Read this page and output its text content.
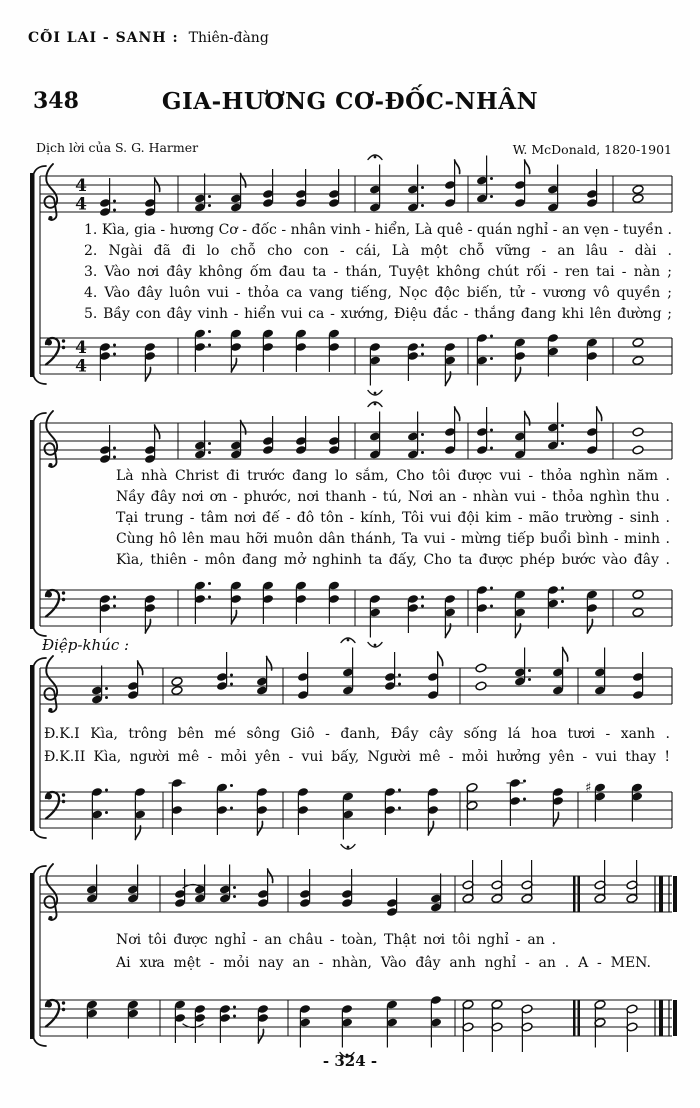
4
4
4
4
♯
CÕI LAI - SANH : Thiên-đàng
348	GIA-HƯƠNG CƠ-ĐỐC-NHÂN
Dịch lời của S. G. Harmer	W. McDonald, 1820-1901
1. Kìa, gia - hương Cơ - đốc - nhân vinh - hiển, Là quê - quán nghỉ - an vẹn - tuyền .
2. Ngài đã đi lo chỗ cho con - cái, Là một chỗ vững - an lâu - dài .
3. Vào nơi đây không ốm đau ta - thán, Tuyệt không chút rối - ren tai - nàn ;
4. Vào đây luôn vui - thỏa ca vang tiếng, Nọc độc biến, tử - vương vô quyền ;
5. Bầy con đây vinh - hiển vui ca - xướng, Điệu đắc - thắng đang khi lên đường ;
Là nhà Christ đi trước đang lo sắm, Cho tôi được vui - thỏa nghìn năm .
Nầy đây nơi ơn - phước, nơi thanh - tú, Nơi an - nhàn vui - thỏa nghìn thu .
Tại trung - tâm nơi đế - đô tôn - kính, Tôi vui đội kim - mão trường - sinh .
Cùng hô lên mau hỡi muôn dân thánh, Ta vui - mừng tiếp buổi bình - minh .
Kìa, thiên - môn đang mở nghinh ta đấy, Cho ta được phép bước vào đây .
Điệp-khúc :
Đ.K.I Kìa, trông bên mé sông Giô - đanh, Đầy cây sống lá hoa tươi - xanh .
Đ.K.II Kìa, người mê - mỏi yên - vui bấy, Người mê - mỏi hưởng yên - vui thay !
Nơi tôi được nghỉ - an châu - toàn, Thật nơi tôi nghỉ - an .
Ai xưa mệt - mỏi nay an - nhàn, Vào đây anh nghỉ - an . A - MEN.
- 324 -
